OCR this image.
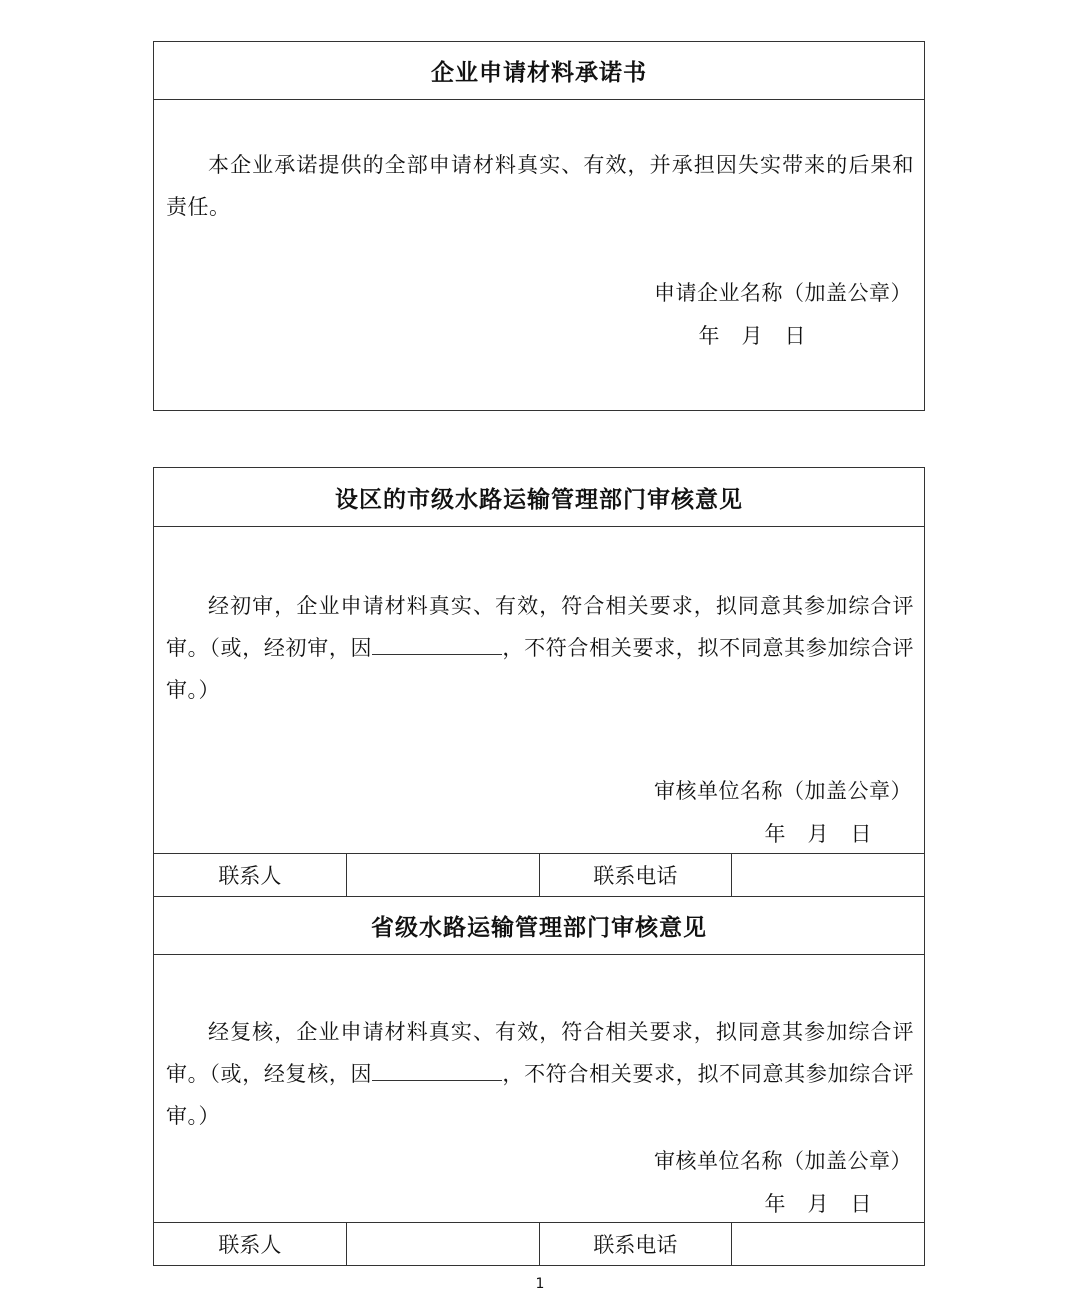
企业申请材料承诺书
本企业承诺提供的全部申请材料真实、有效，并承担因失实带来的后果和责任。
申请企业名称（加盖公章）
年　月　日
设区的市级水路运输管理部门审核意见
经初审，企业申请材料真实、有效，符合相关要求，拟同意其参加综合评审。（或，经初审，因	，不符合相关要求，拟不同意其参加综合评审。）
审核单位名称（加盖公章）
年　月　日
联系人	联系电话
省级水路运输管理部门审核意见
经复核，企业申请材料真实、有效，符合相关要求，拟同意其参加综合评审。（或，经复核，因	，不符合相关要求，拟不同意其参加综合评审。）
审核单位名称（加盖公章）
年　月　日
联系人	联系电话
1
